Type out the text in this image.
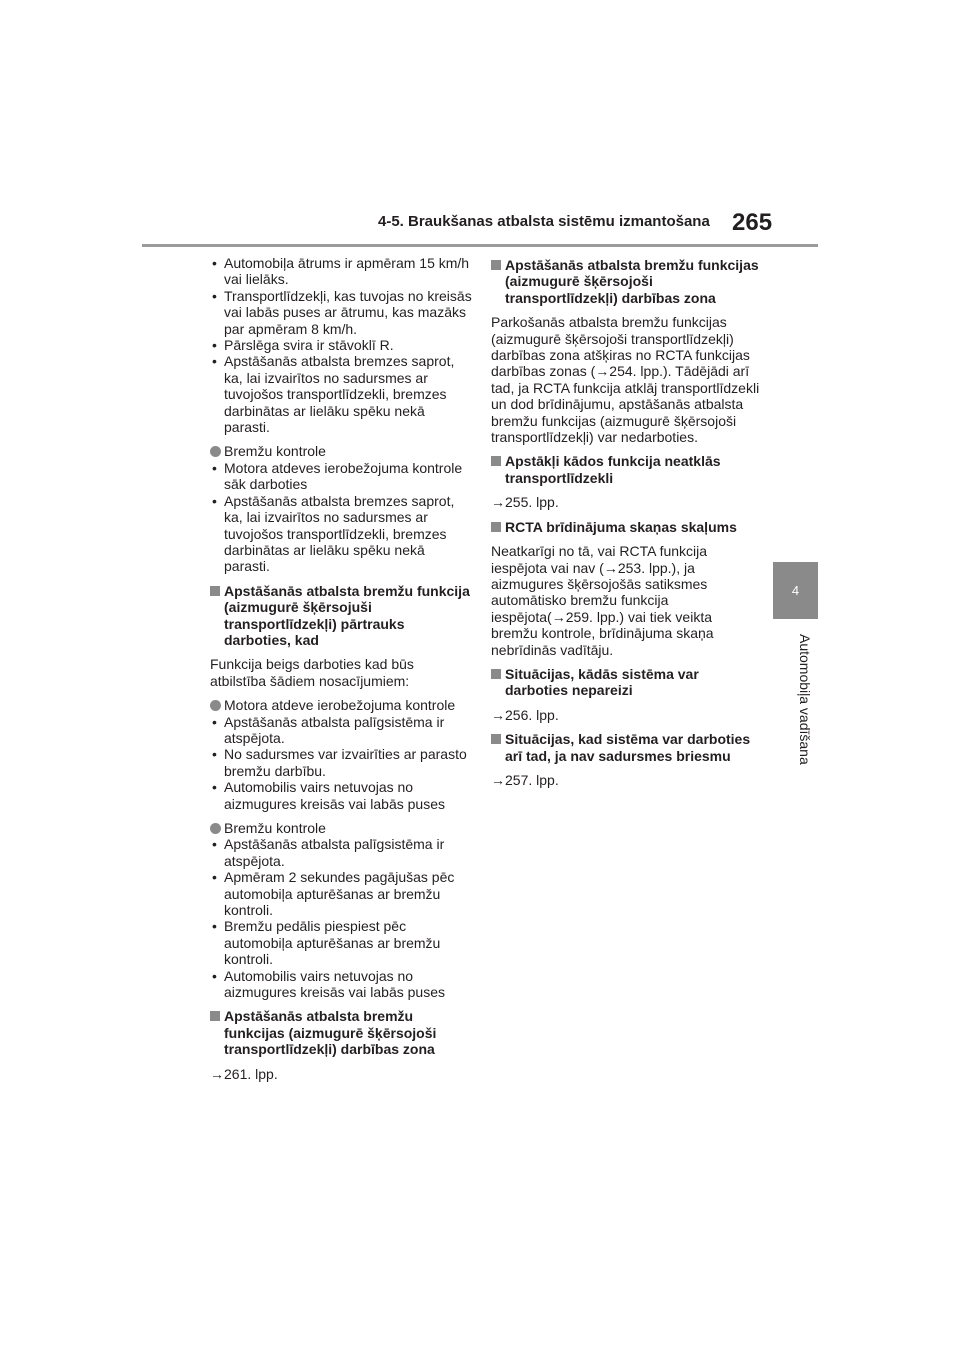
4-5. Braukšanas atbalsta sistēmu izmantošana 265
4
Automobiļa vadīšana
• Automobiļa ātrums ir apmēram 15 km/h vai lielāks.
• Transportlīdzekļi, kas tuvojas no kreisās vai labās puses ar ātrumu, kas mazāks par apmēram 8 km/h.
• Pārslēga svira ir stāvoklī R.
• Apstāšanās atbalsta bremzes saprot, ka, lai izvairītos no sadursmes ar tuvojošos transportlīdzekli, bremzes darbinātas ar lielāku spēku nekā parasti.
Bremžu kontrole
• Motora atdeves ierobežojuma kontrole sāk darboties
• Apstāšanās atbalsta bremzes saprot, ka, lai izvairītos no sadursmes ar tuvojošos transportlīdzekli, bremzes darbinātas ar lielāku spēku nekā parasti.
Apstāšanās atbalsta bremžu funkcija (aizmugurē šķērsojuši transportlīdzekļi) pārtrauks darboties, kad

Funkcija beigs darboties kad būs atbilstība šādiem nosacījumiem:

Motora atdeve ierobežojuma kontrole
• Apstāšanās atbalsta palīgsistēma ir atspējota.
• No sadursmes var izvairīties ar parasto bremžu darbību.
• Automobilis vairs netuvojas no aizmugures kreisās vai labās puses
Bremžu kontrole
• Apstāšanās atbalsta palīgsistēma ir atspējota.
• Apmēram 2 sekundes pagājušas pēc automobiļa apturēšanas ar bremžu kontroli.
• Bremžu pedālis piespiest pēc automobiļa apturēšanas ar bremžu kontroli.
• Automobilis vairs netuvojas no aizmugures kreisās vai labās puses
Apstāšanās atbalsta bremžu funkcijas (aizmugurē šķērsojoši transportlīdzekļi) darbības zona

→261. lpp.

Apstāšanās atbalsta bremžu funkcijas (aizmugurē šķērsojoši transportlīdzekļi) darbības zona

Parkošanās atbalsta bremžu funkcijas (aizmugurē šķērsojoši transportlīdzekļi) darbības zona atšķiras no RCTA funkcijas darbības zonas (→254. lpp.). Tādējādi arī tad, ja RCTA funkcija atklāj transportlīdzekli un dod brīdinājumu, apstāšanās atbalsta bremžu funkcijas (aizmugurē šķērsojoši transportlīdzekļi) var nedarboties.

Apstākļi kādos funkcija neatklās transportlīdzekli

→255. lpp.

RCTA brīdinājuma skaņas skaļums

Neatkarīgi no tā, vai RCTA funkcija iespējota vai nav (→253. lpp.), ja aizmugures šķērsojošās satiksmes automātisko bremžu funkcija iespējota(→259. lpp.) vai tiek veikta bremžu kontrole, brīdinājuma skaņa nebrīdinās vadītāju.

Situācijas, kādās sistēma var darboties nepareizi

→256. lpp.

Situācijas, kad sistēma var darboties arī tad, ja nav sadursmes briesmu

→257. lpp.
